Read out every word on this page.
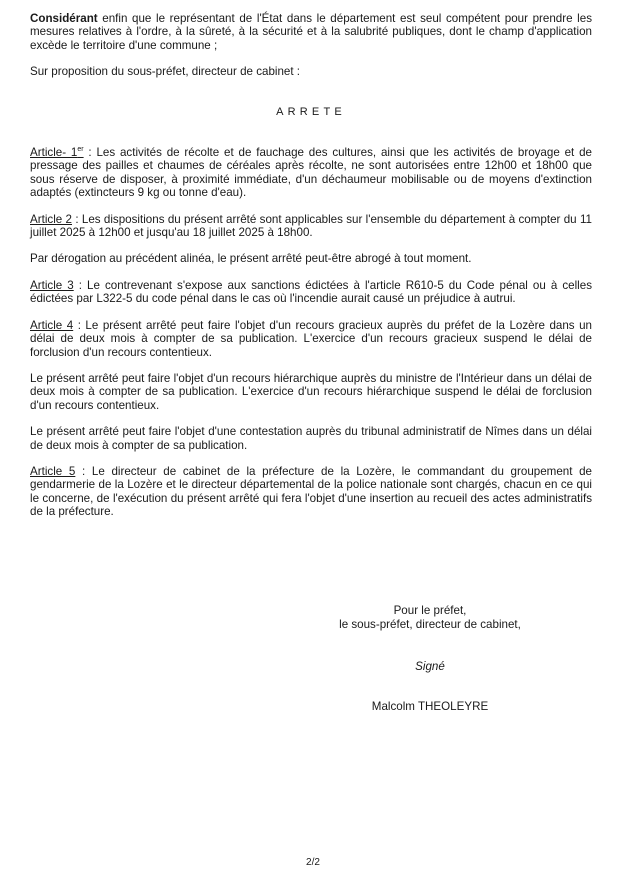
Considérant enfin que le représentant de l'État dans le département est seul compétent pour prendre les mesures relatives à l'ordre, à la sûreté, à la sécurité et à la salubrité publiques, dont le champ d'application excède le territoire d'une commune ;

Sur proposition du sous-préfet, directeur de cabinet :

ARRETE

Article- 1er : Les activités de récolte et de fauchage des cultures, ainsi que les activités de broyage et de pressage des pailles et chaumes de céréales après récolte, ne sont autorisées entre 12h00 et 18h00 que sous réserve de disposer, à proximité immédiate, d'un déchaumeur mobilisable ou de moyens d'extinction adaptés (extincteurs 9 kg ou tonne d'eau).

Article 2 : Les dispositions du présent arrêté sont applicables sur l'ensemble du département à compter du 11 juillet 2025 à 12h00 et jusqu'au 18 juillet 2025 à 18h00.

Par dérogation au précédent alinéa, le présent arrêté peut-être abrogé à tout moment.

Article 3 : Le contrevenant s'expose aux sanctions édictées à l'article R610-5 du Code pénal ou à celles édictées par L322-5 du code pénal dans le cas où l'incendie aurait causé un préjudice à autrui.

Article 4 : Le présent arrêté peut faire l'objet d'un recours gracieux auprès du préfet de la Lozère dans un délai de deux mois à compter de sa publication. L'exercice d'un recours gracieux suspend le délai de forclusion d'un recours contentieux.

Le présent arrêté peut faire l'objet d'un recours hiérarchique auprès du ministre de l'Intérieur dans un délai de deux mois à compter de sa publication. L'exercice d'un recours hiérarchique suspend le délai de forclusion d'un recours contentieux.

Le présent arrêté peut faire l'objet d'une contestation auprès du tribunal administratif de Nîmes dans un délai de deux mois à compter de sa publication.

Article 5 : Le directeur de cabinet de la préfecture de la Lozère, le commandant du groupement de gendarmerie de la Lozère et le directeur départemental de la police nationale sont chargés, chacun en ce qui le concerne, de l'exécution du présent arrêté qui fera l'objet d'une insertion au recueil des actes administratifs de la préfecture.

Pour le préfet,
le sous-préfet, directeur de cabinet,
Signé
Malcolm THEOLEYRE
2/2
